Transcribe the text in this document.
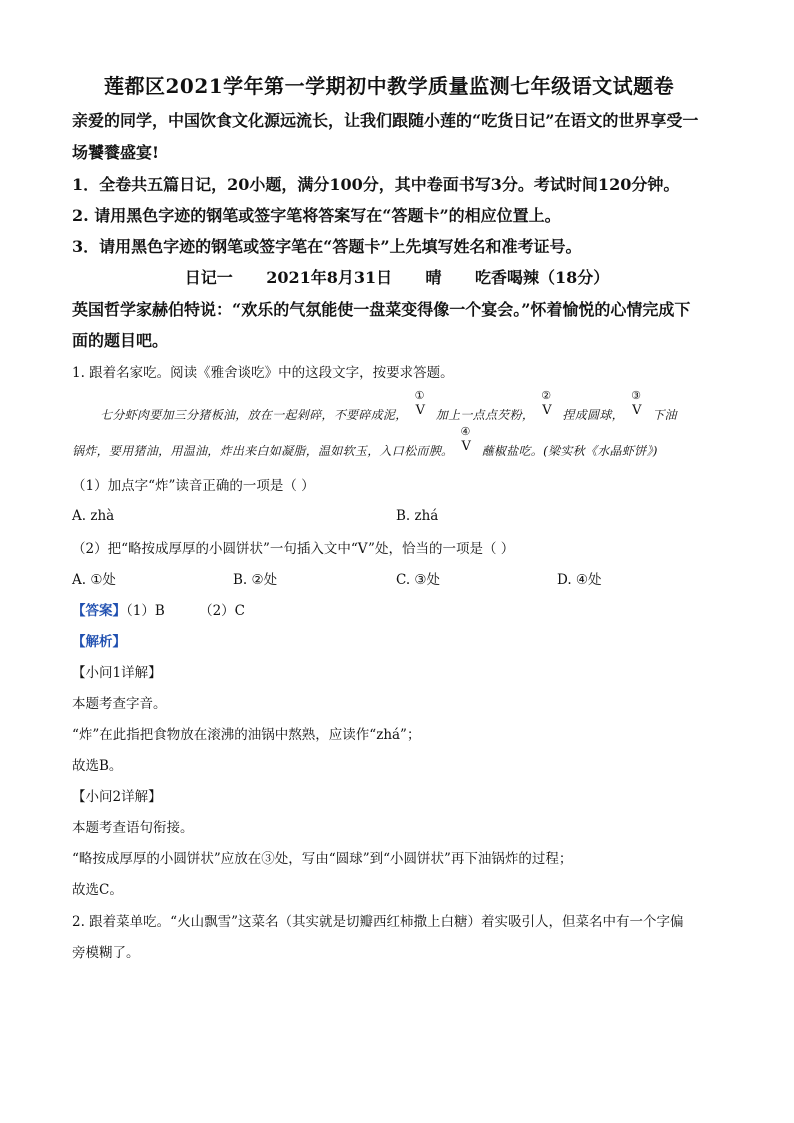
莲都区2021学年第一学期初中教学质量监测七年级语文试题卷
亲爱的同学，中国饮食文化源远流长，让我们跟随小莲的“吃货日记”在语文的世界享受一
场饕餮盛宴!
1．全卷共五篇日记，20小题，满分100分，其中卷面书写3分。考试时间120分钟。
2. 请用黑色字迹的钢笔或签字笔将答案写在“答题卡”的相应位置上。
3．请用黑色字迹的钢笔或签字笔在“答题卡”上先填写姓名和准考证号。
日记一      2021年8月31日      晴      吃香喝辣（18分）
英国哲学家赫伯特说：“欢乐的气氛能使一盘菜变得像一个宴会。”怀着愉悦的心情完成下
面的题目吧。
1. 跟着名家吃。阅读《雅舍谈吃》中的这段文字，按要求答题。
七分虾肉要加三分猪板油，放在一起剁碎，不要碎成泥，
①
V 加上一点点芡粉，
②
V 捏成圆球，
③
V 下油
锅炸，要用猪油，用温油，炸出来白如凝脂，温如软玉，入口松而腴。
④
V 蘸椒盐吃。(梁实秋《水晶虾饼》)
（1）加点字“炸”读音正确的一项是（ ）
A. zhà	B. zhá
（2）把“略按成厚厚的小圆饼状”一句插入文中“V”处，恰当的一项是（ ）
A. ①处	B. ②处	C. ③处	D. ④处
【答案】（1）B        （2）C
【解析】
【小问1详解】
本题考查字音。
“炸”在此指把食物放在滚沸的油锅中熬熟，应读作“zhá”；
故选B。
【小问2详解】
本题考查语句衔接。
“略按成厚厚的小圆饼状”应放在③处，写由“圆球”到“小圆饼状”再下油锅炸的过程；
故选C。
2. 跟着菜单吃。“火山飘雪”这菜名（其实就是切瓣西红柿撒上白糖）着实吸引人，但菜名中有一个字偏
旁模糊了。
